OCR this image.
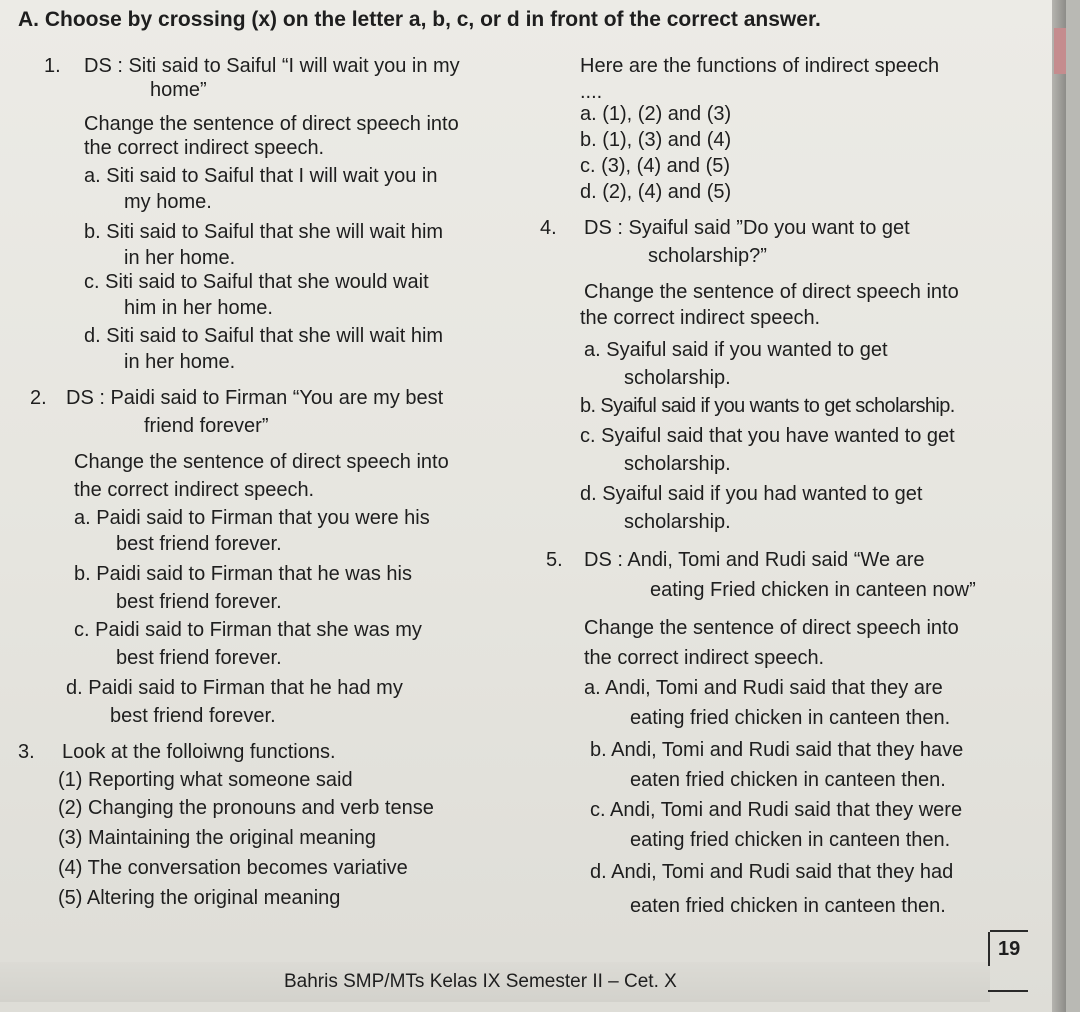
A. Choose by crossing (x) on the letter a, b, c, or d in front of the correct answer.
1. DS : Siti said to Saiful “I will wait you in my
home”
Change the sentence of direct speech into
the correct indirect speech.
a. Siti said to Saiful that I will wait you in
my home.
b. Siti said to Saiful that she will wait him
in her home.
c. Siti said to Saiful that she would wait
him in her home.
d. Siti said to Saiful that she will wait him
in her home.
2. DS : Paidi said to Firman “You are my best
friend forever”
Change the sentence of direct speech into
the correct indirect speech.
a. Paidi said to Firman that you were his
best friend forever.
b. Paidi said to Firman that he was his
best friend forever.
c. Paidi said to Firman that she was my
best friend forever.
d. Paidi said to Firman that he had my
best friend forever.
3. Look at the folloiwng functions.
(1) Reporting what someone said
(2) Changing the pronouns and verb tense
(3) Maintaining the original meaning
(4) The conversation becomes variative
(5) Altering the original meaning
Here are the functions of indirect speech
....
a. (1), (2) and (3)
b. (1), (3) and (4)
c. (3), (4) and (5)
d. (2), (4) and (5)
4. DS : Syaiful said ”Do you want to get
scholarship?”
Change the sentence of direct speech into
the correct indirect speech.
a. Syaiful said if you wanted to get
scholarship.
b. Syaiful said if you wants to get scholarship.
c. Syaiful said that you have wanted to get
scholarship.
d. Syaiful said if you had wanted to get
scholarship.
5. DS : Andi, Tomi and Rudi said “We are
eating Fried chicken in canteen now”
Change the sentence of direct speech into
the correct indirect speech.
a. Andi, Tomi and Rudi said that they are
eating fried chicken in canteen then.
b. Andi, Tomi and Rudi said that they have
eaten fried chicken in canteen then.
c. Andi, Tomi and Rudi said that they were
eating fried chicken in canteen then.
d. Andi, Tomi and Rudi said that they had
eaten fried chicken in canteen then.
Bahris SMP/MTs Kelas IX Semester II – Cet. X
19
